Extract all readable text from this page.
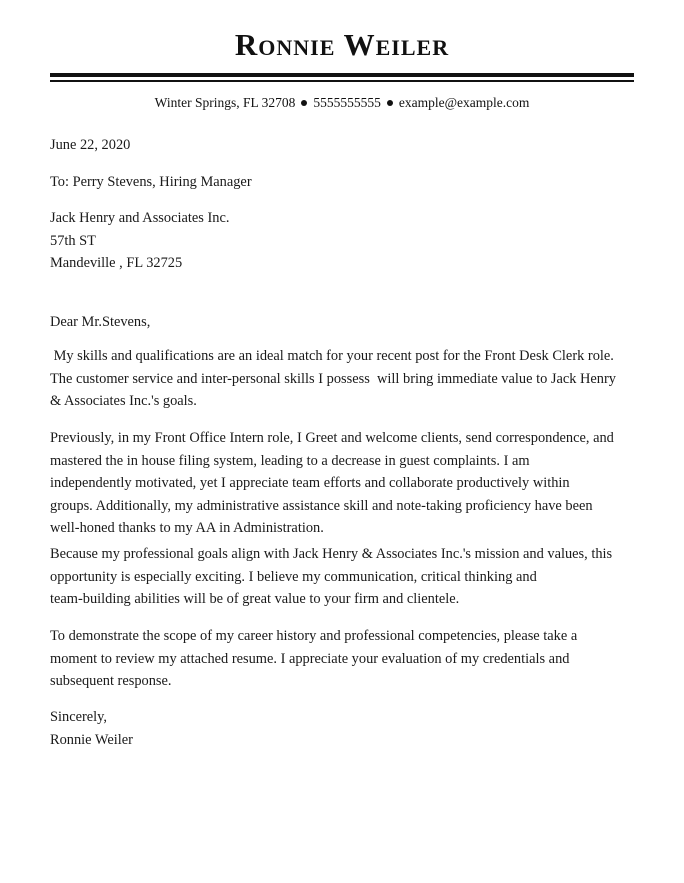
Ronnie Weiler
Winter Springs, FL 32708 5555555555 example@example.com
June 22, 2020
To: Perry Stevens, Hiring Manager
Jack Henry and Associates Inc.
57th ST
Mandeville , FL 32725
Dear Mr.Stevens,
My skills and qualifications are an ideal match for your recent post for the Front Desk Clerk role.
The customer service and inter-personal skills I possess  will bring immediate value to Jack Henry
& Associates Inc.'s goals.
Previously, in my Front Office Intern role, I Greet and welcome clients, send correspondence, and
mastered the in house filing system, leading to a decrease in guest complaints. I am
independently motivated, yet I appreciate team efforts and collaborate productively within
groups. Additionally, my administrative assistance skill and note-taking proficiency have been
well-honed thanks to my AA in Administration.
Because my professional goals align with Jack Henry & Associates Inc.'s mission and values, this
opportunity is especially exciting. I believe my communication, critical thinking and
team-building abilities will be of great value to your firm and clientele.
To demonstrate the scope of my career history and professional competencies, please take a
moment to review my attached resume. I appreciate your evaluation of my credentials and
subsequent response.
Sincerely,
Ronnie Weiler
